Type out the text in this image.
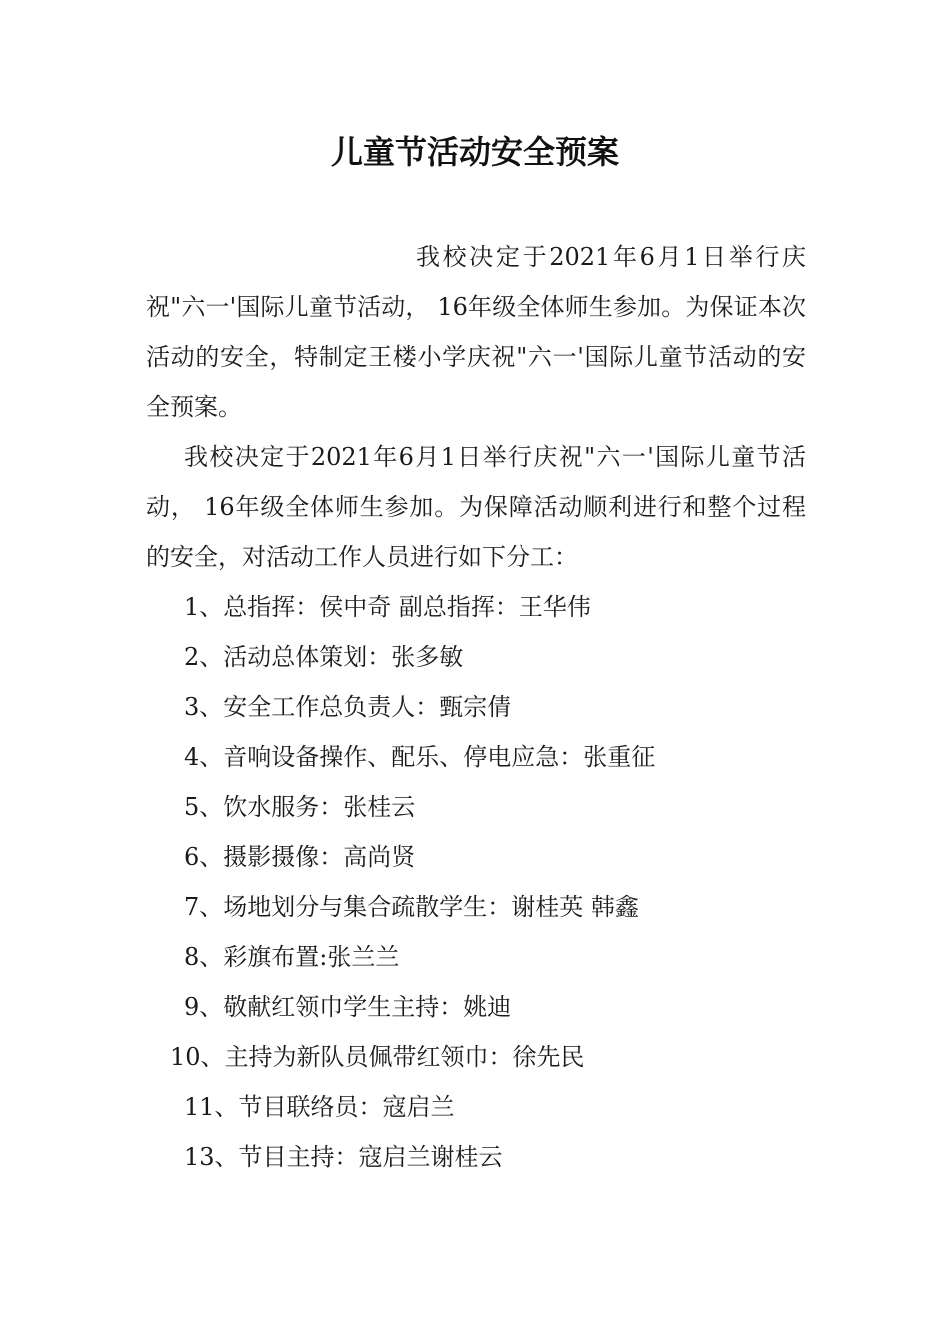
儿童节活动安全预案

我校决定于2021年6月1日举行庆祝"六一'国际儿童节活动， 16年级全体师生参加。为保证本次活动的安全，特制定王楼小学庆祝"六一'国际儿童节活动的安全预案。

我校决定于2021年6月1日举行庆祝"六一'国际儿童节活动， 16年级全体师生参加。为保障活动顺利进行和整个过程的安全，对活动工作人员进行如下分工：

1、总指挥：侯中奇 副总指挥：王华伟
2、活动总体策划：张多敏
3、安全工作总负责人：甄宗倩
4、音响设备操作、配乐、停电应急：张重征
5、饮水服务：张桂云
6、摄影摄像：高尚贤
7、场地划分与集合疏散学生：谢桂英 韩鑫
8、彩旗布置:张兰兰
9、敬献红领巾学生主持：姚迪
10、主持为新队员佩带红领巾：徐先民
11、节目联络员：寇启兰
13、节目主持：寇启兰谢桂云
